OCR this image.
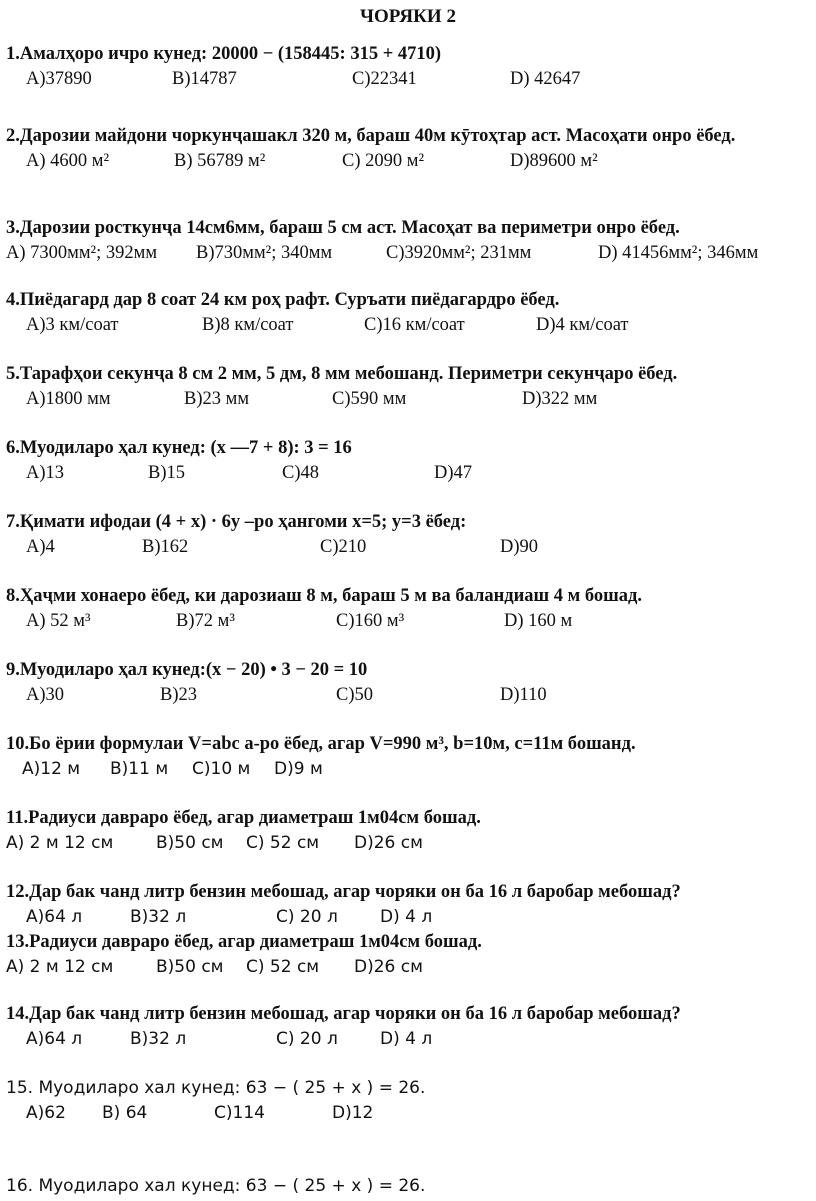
ЧОРЯКИ 2
1.Амалҳоро ичро кунед: 20000 − (158445: 315 + 4710)
A)37890	B)14787	C)22341	D) 42647
2.Дарозии майдони чоркунҷашакл 320 м, бараш 40м кӯтоҳтар аст. Масоҳати онро ёбед.
A) 4600 м²	B) 56789 м²	C) 2090 м²	D)89600 м²
3.Дарозии росткунҷа 14см6мм, бараш 5 см аст. Масоҳат ва периметри онро ёбед.
A) 7300мм²; 392мм B)730мм²; 340мм	C)3920мм²; 231мм	D) 41456мм²; 346мм
4.Пиёдагард дар 8 соат 24 км роҳ рафт. Суръати пиёдагардро ёбед.
A)3 км/соат	B)8 км/соат	C)16 км/соат	D)4 км/соат
5.Тарафҳои секунҷа 8 см 2 мм, 5 дм, 8 мм мебошанд. Периметри секунҷаро ёбед.
A)1800 мм	B)23 мм	C)590 мм	D)322 мм
6.Муодиларо ҳал кунед: (x —7 + 8): 3 = 16
A)13	B)15	C)48	D)47
7.Қимати ифодаи (4 + x) · 6y –ро ҳангоми x=5; y=3 ёбед:
A)4	B)162	C)210	D)90
8.Ҳаҷми хонаеро ёбед, ки дарозиаш 8 м, бараш 5 м ва баландиаш 4 м бошад.
A) 52 м³	B)72 м³	C)160 м³	D) 160 м
9.Муодиларо ҳал кунед:(x − 20) • 3 − 20 = 10
A)30	B)23	C)50	D)110
10.Бо ёрии формулаи V=abc a-ро ёбед, агар V=990 м³, b=10м, c=11м бошанд.
A)12 м B)11 м C)10 м D)9 м
11.Радиуси давраро ёбед, агар диаметраш 1м04см бошад.
A) 2 м 12 см	B)50 см C) 52 см D)26 см
12.Дар бак чанд литр бензин мебошад, агар чоряки он ба 16 л баробар мебошад?
A)64 л	B)32 л	C) 20 л D) 4 л
13.Радиуси давраро ёбед, агар диаметраш 1м04см бошад.
A) 2 м 12 см	B)50 см C) 52 см D)26 см
14.Дар бак чанд литр бензин мебошад, агар чоряки он ба 16 л баробар мебошад?
A)64 л	B)32 л	C) 20 л D) 4 л
15. Муодиларо хал кунед: 63 − ( 25 + x ) = 26.
A)62 B) 64	C)114	D)12
16. Муодиларо хал кунед: 63 − ( 25 + x ) = 26.
